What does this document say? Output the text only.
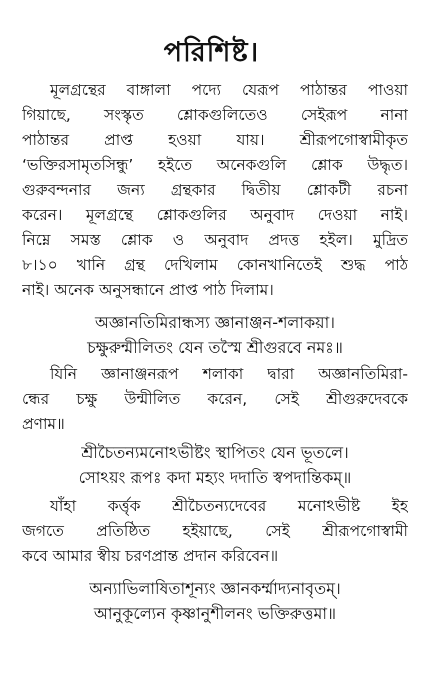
পরিশিষ্ট।
মূলগ্রন্থের বাঙ্গালা পদ্যে যেরূপ পাঠান্তর পাওয়া
গিয়াছে, সংস্কৃত শ্লোকগুলিতেও সেইরূপ নানা
পাঠান্তর প্রাপ্ত হওয়া যায়। শ্রীরূপগোস্বামীকৃত
‘ভক্তিরসামৃতসিন্ধু’ হইতে অনেকগুলি শ্লোক উদ্ধৃত।
গুরুবন্দনার জন্য গ্রন্থকার দ্বিতীয় শ্লোকটী রচনা
করেন। মূলগ্রন্থে শ্লোকগুলির অনুবাদ দেওয়া নাই।
নিম্নে সমস্ত শ্লোক ও অনুবাদ প্রদত্ত হইল। মুদ্রিত
৮।১০ খানি গ্রন্থ দেখিলাম কোনখানিতেই শুদ্ধ পাঠ
নাই। অনেক অনুসন্ধানে প্রাপ্ত পাঠ দিলাম।
অজ্ঞানতিমিরান্ধস্য জ্ঞানাঞ্জন-শলাকয়া।
চক্ষুরুন্মীলিতং যেন তস্মৈ শ্রীগুরবে নমঃ॥
যিনি জ্ঞানাঞ্জনরূপ শলাকা দ্বারা অজ্ঞানতিমিরা-
ন্ধের চক্ষু উন্মীলিত করেন, সেই শ্রীগুরুদেবকে
প্রণাম॥
শ্রীচৈতন্যমনোঽভীষ্টং স্থাপিতং যেন ভূতলে।
সোঽয়ং রূপঃ কদা মহ্যং দদাতি স্বপদান্তিকম্॥
যাঁহা কর্ত্তৃক শ্রীচৈতন্যদেবের মনোঽভীষ্ট ইহ
জগতে প্রতিষ্ঠিত হইয়াছে, সেই শ্রীরূপগোস্বামী
কবে আমার স্বীয় চরণপ্রান্ত প্রদান করিবেন॥
অন্যাভিলাষিতাশূন্যং জ্ঞানকর্ম্মাদ্যনাবৃতম্।
আনুকূল্যেন কৃষ্ণানুশীলনং ভক্তিরুত্তমা॥
